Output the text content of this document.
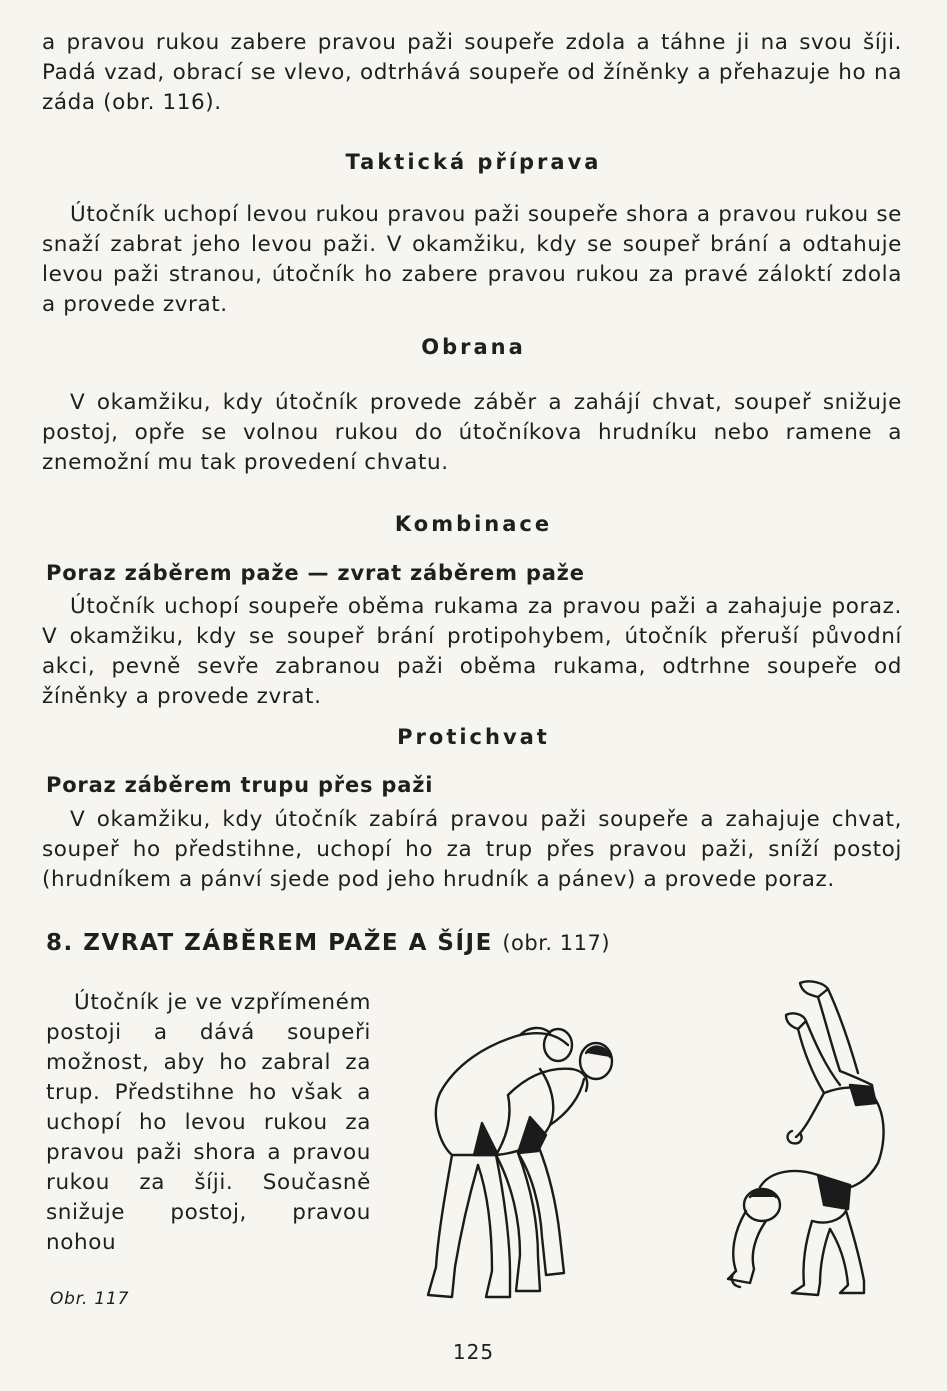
a pravou rukou zabere pravou paži soupeře zdola a táhne ji na svou šíji. Padá vzad, obrací se vlevo, odtrhává soupeře od žíněnky a přehazuje ho na záda (obr. 116).

Taktická příprava

Útočník uchopí levou rukou pravou paži soupeře shora a pravou rukou se snaží zabrat jeho levou paži. V okamžiku, kdy se soupeř brání a odtahuje levou paži stranou, útočník ho zabere pravou rukou za pravé záloktí zdola a provede zvrat.

Obrana

V okamžiku, kdy útočník provede záběr a zahájí chvat, soupeř snižuje postoj, opře se volnou rukou do útočníkova hrudníku nebo ramene a znemožní mu tak provedení chvatu.

Kombinace
Poraz záběrem paže — zvrat záběrem paže

Útočník uchopí soupeře oběma rukama za pravou paži a zahajuje poraz. V okamžiku, kdy se soupeř brání protipohybem, útočník přeruší původní akci, pevně sevře zabranou paži oběma rukama, odtrhne soupeře od žíněnky a provede zvrat.

Protichvat
Poraz záběrem trupu přes paži

V okamžiku, kdy útočník zabírá pravou paži soupeře a zahajuje chvat, soupeř ho předstihne, uchopí ho za trup přes pravou paži, sníží postoj (hrudníkem a pánví sjede pod jeho hrudník a pánev) a provede poraz.

8. ZVRAT ZÁBĚREM PAŽE A ŠÍJE (obr. 117)

Útočník je ve vzpřímeném postoji a dává soupeři možnost, aby ho zabral za trup. Předstihne ho však a uchopí ho levou rukou za pravou paži shora a pravou rukou za šíji. Současně snižuje postoj, pravou nohou

Obr. 117
125
